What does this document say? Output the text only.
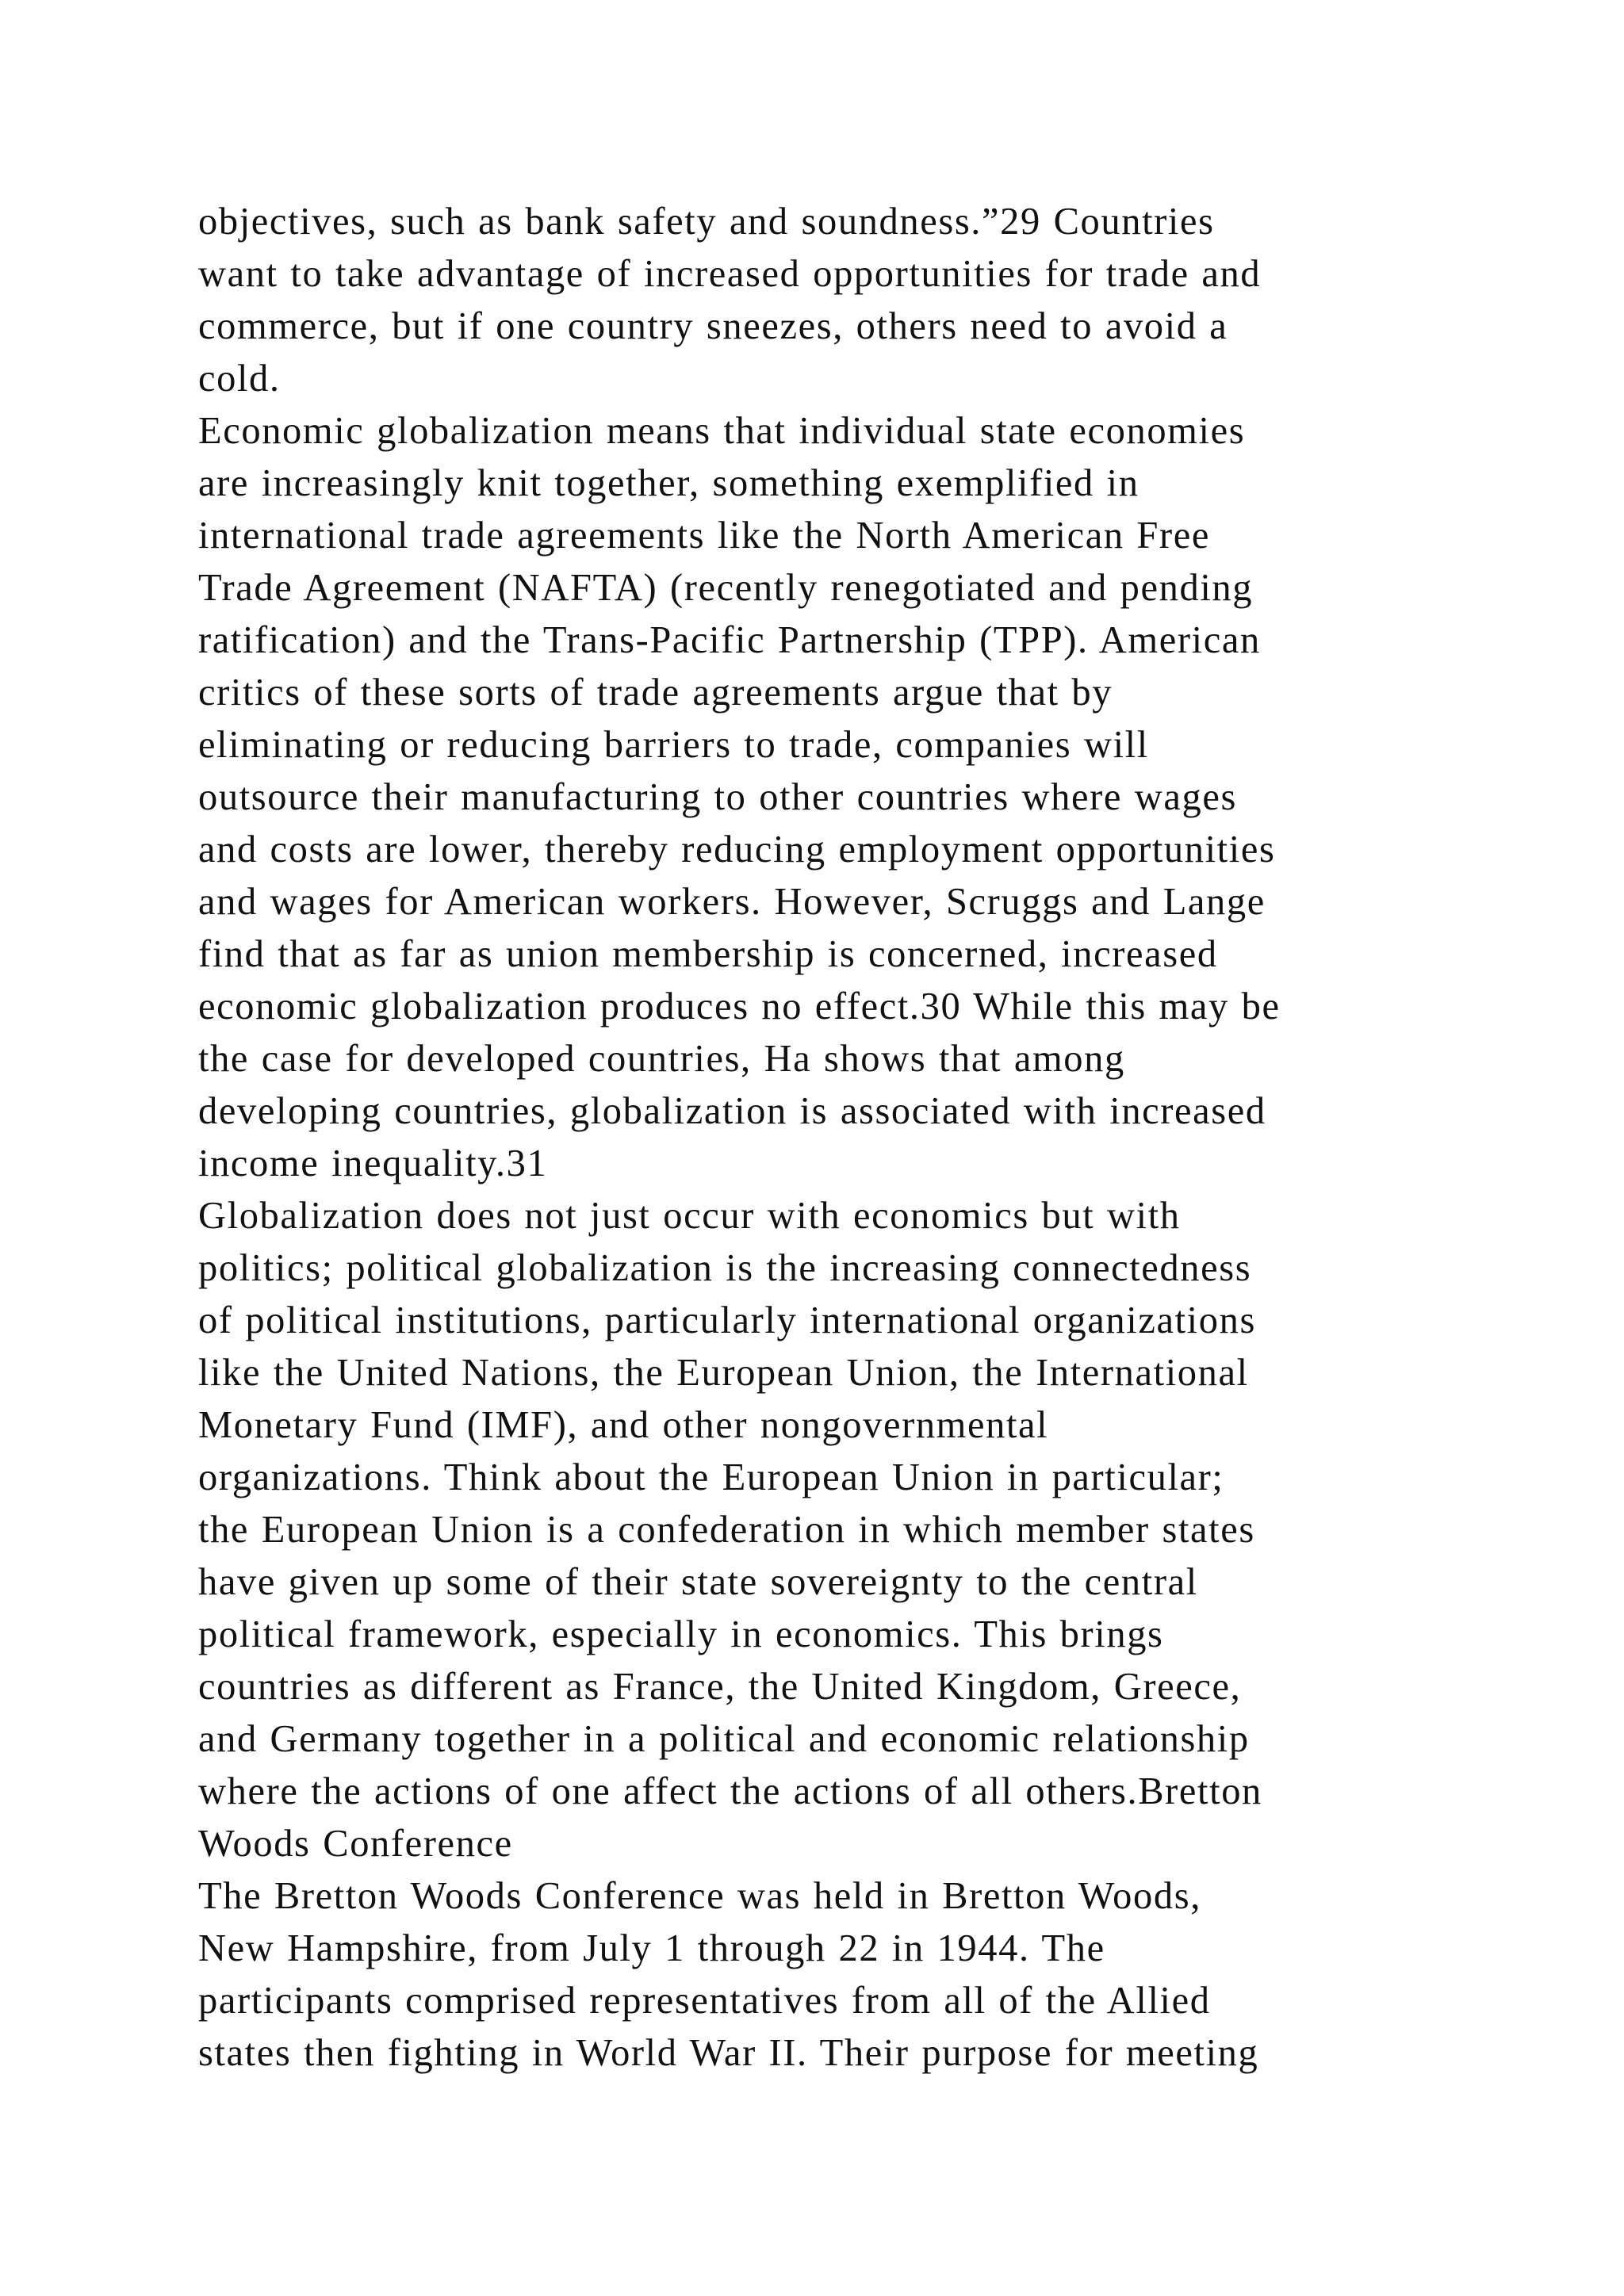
objectives, such as bank safety and soundness.”29 Countries
want to take advantage of increased opportunities for trade and
commerce, but if one country sneezes, others need to avoid a
cold.
Economic globalization means that individual state economies
are increasingly knit together, something exemplified in
international trade agreements like the North American Free
Trade Agreement (NAFTA) (recently renegotiated and pending
ratification) and the Trans-Pacific Partnership (TPP). American
critics of these sorts of trade agreements argue that by
eliminating or reducing barriers to trade, companies will
outsource their manufacturing to other countries where wages
and costs are lower, thereby reducing employment opportunities
and wages for American workers. However, Scruggs and Lange
find that as far as union membership is concerned, increased
economic globalization produces no effect.30 While this may be
the case for developed countries, Ha shows that among
developing countries, globalization is associated with increased
income inequality.31
Globalization does not just occur with economics but with
politics; political globalization is the increasing connectedness
of political institutions, particularly international organizations
like the United Nations, the European Union, the International
Monetary Fund (IMF), and other nongovernmental
organizations. Think about the European Union in particular;
the European Union is a confederation in which member states
have given up some of their state sovereignty to the central
political framework, especially in economics. This brings
countries as different as France, the United Kingdom, Greece,
and Germany together in a political and economic relationship
where the actions of one affect the actions of all others.Bretton
Woods Conference
The Bretton Woods Conference was held in Bretton Woods,
New Hampshire, from July 1 through 22 in 1944. The
participants comprised representatives from all of the Allied
states then fighting in World War II. Their purpose for meeting
